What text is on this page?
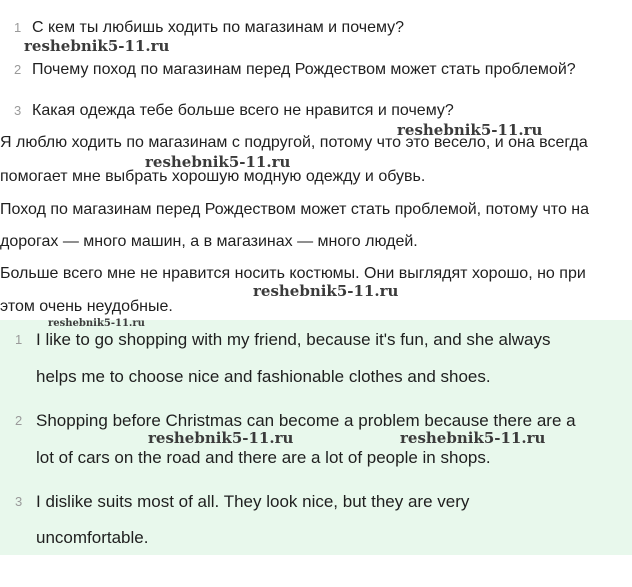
1 С кем ты любишь ходить по магазинам и почему?
reshebnik5-11.ru
2 Почему поход по магазинам перед Рождеством может стать проблемой?
3 Какая одежда тебе больше всего не нравится и почему?
reshebnik5-11.ru
Я люблю ходить по магазинам с подругой, потому что это весело, и она всегда
reshebnik5-11.ru
помогает мне выбрать хорошую модную одежду и обувь.
Поход по магазинам перед Рождеством может стать проблемой, потому что на
дорогах — много машин, а в магазинах — много людей.
Больше всего мне не нравится носить костюмы. Они выглядят хорошо, но при
reshebnik5-11.ru
этом очень неудобные.
reshebnik5-11.ru
1 I like to go shopping with my friend, because it's fun, and she always
helps me to choose nice and fashionable clothes and shoes.
2 Shopping before Christmas can become a problem because there are a
reshebnik5-11.ru	reshebnik5-11.ru
lot of cars on the road and there are a lot of people in shops.
3 I dislike suits most of all. They look nice, but they are very
uncomfortable.
